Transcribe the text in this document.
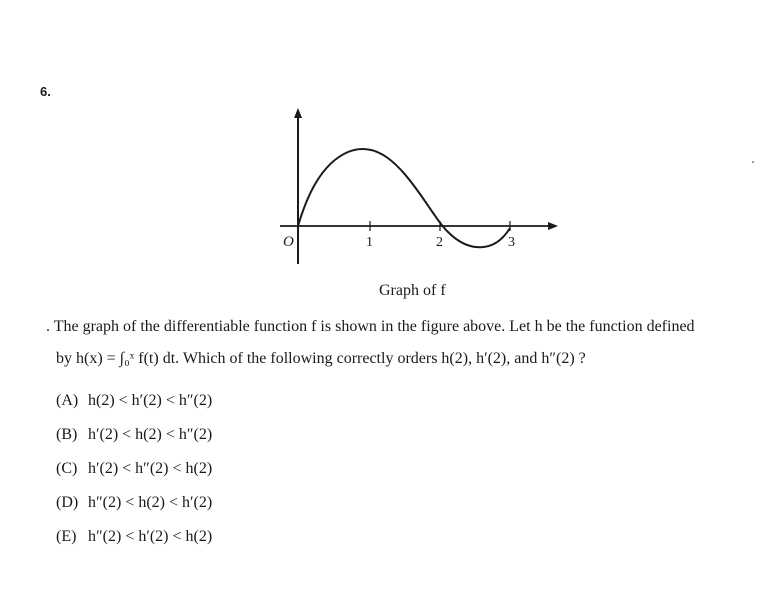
6.
O	1	2	3
Graph of f
. The graph of the differentiable function f is shown in the figure above. Let h be the function defined
by h(x) = ∫₀ˣ f(t) dt. Which of the following correctly orders h(2), h′(2), and h″(2) ?
(A) h(2) < h′(2) < h″(2)
(B) h′(2) < h(2) < h″(2)
(C) h′(2) < h″(2) < h(2)
(D) h″(2) < h(2) < h′(2)
(E) h″(2) < h′(2) < h(2)
